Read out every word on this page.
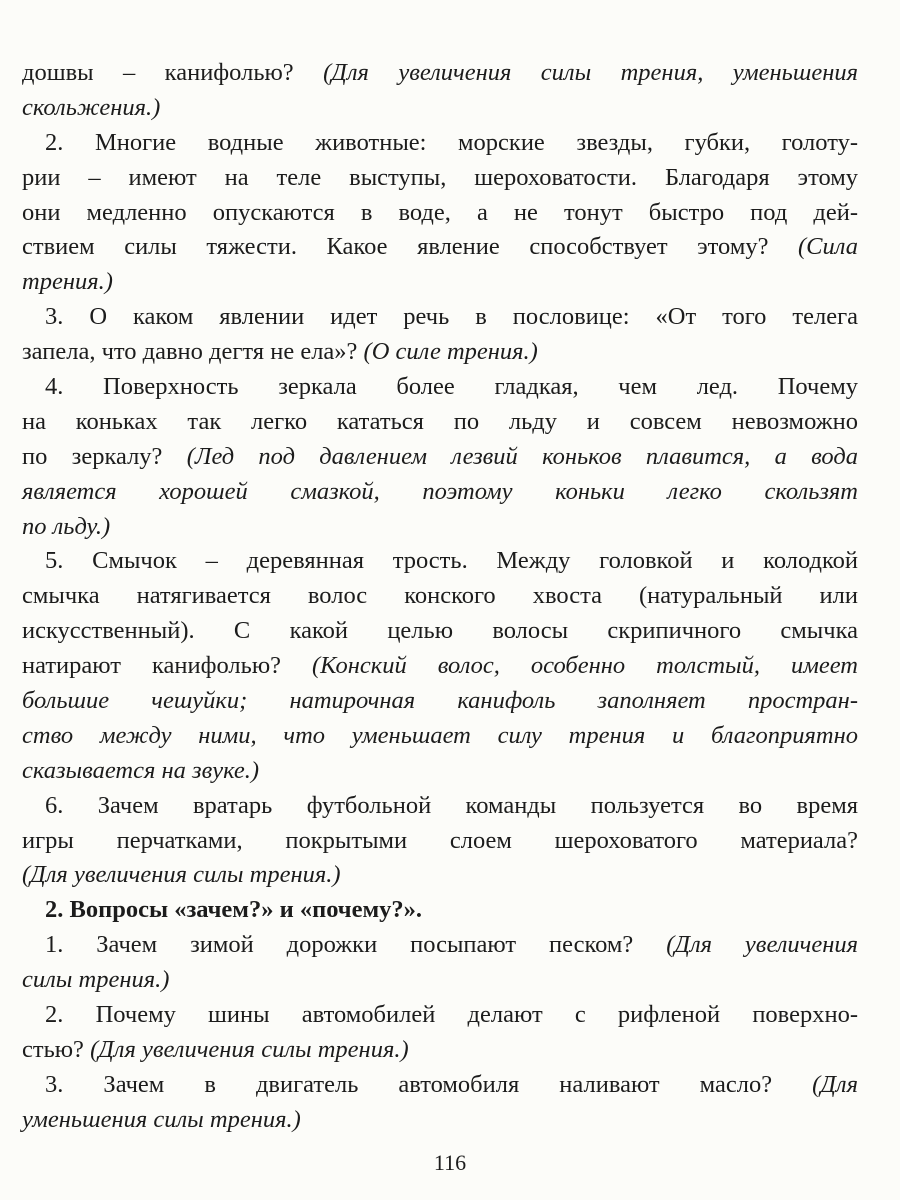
дошвы – канифолью? (Для увеличения силы трения, уменьшения
скольжения.)
2. Многие водные животные: морские звезды, губки, голоту-
рии – имеют на теле выступы, шероховатости. Благодаря этому
они медленно опускаются в воде, а не тонут быстро под дей-
ствием силы тяжести. Какое явление способствует этому? (Сила
трения.)
3. О каком явлении идет речь в пословице: «От того телега
запела, что давно дегтя не ела»? (О силе трения.)
4. Поверхность зеркала более гладкая, чем лед. Почему
на коньках так легко кататься по льду и совсем невозможно
по зеркалу? (Лед под давлением лезвий коньков плавится, а вода
является хорошей смазкой, поэтому коньки легко скользят
по льду.)
5. Смычок – деревянная трость. Между головкой и колодкой
смычка натягивается волос конского хвоста (натуральный или
искусственный). С какой целью волосы скрипичного смычка
натирают канифолью? (Конский волос, особенно толстый, имеет
большие чешуйки; натирочная канифоль заполняет простран-
ство между ними, что уменьшает силу трения и благоприятно
сказывается на звуке.)
6. Зачем вратарь футбольной команды пользуется во время
игры перчатками, покрытыми слоем шероховатого материала?
(Для увеличения силы трения.)
2. Вопросы «зачем?» и «почему?».
1. Зачем зимой дорожки посыпают песком? (Для увеличения
силы трения.)
2. Почему шины автомобилей делают с рифленой поверхно-
стью? (Для увеличения силы трения.)
3. Зачем в двигатель автомобиля наливают масло? (Для
уменьшения силы трения.)
116
